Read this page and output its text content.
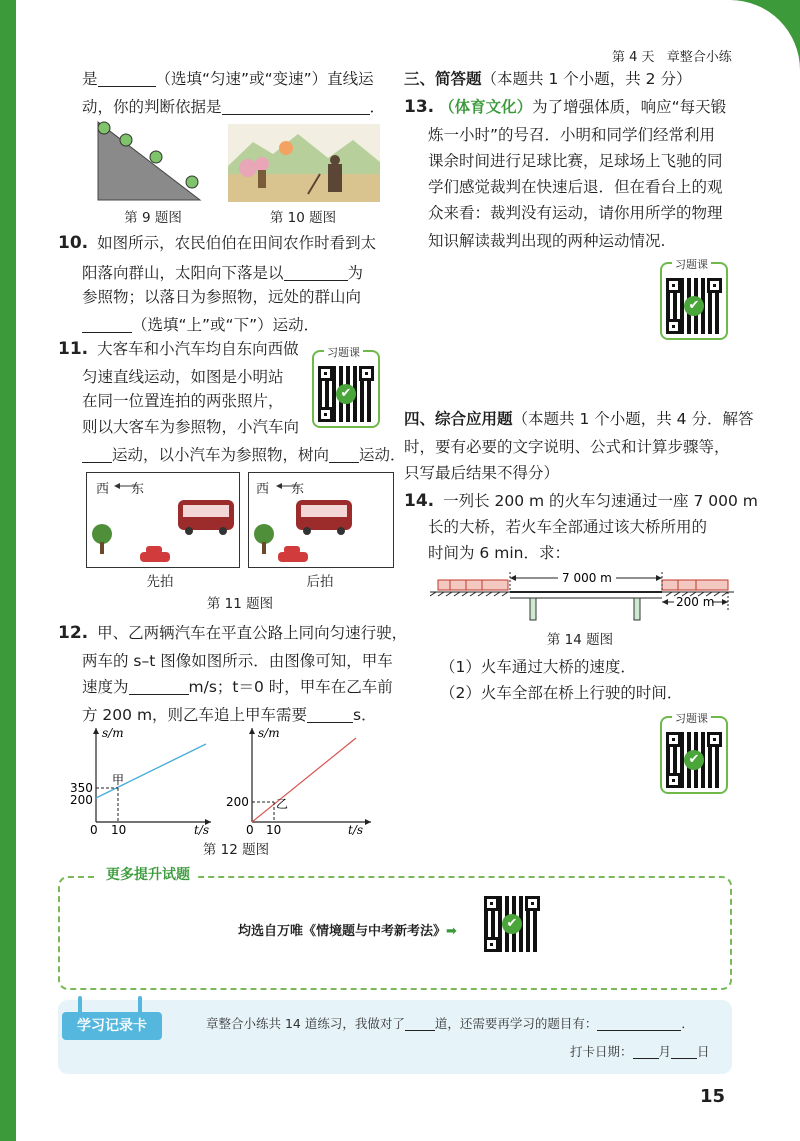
第 4 天 章整合小练
是	（选填“匀速”或“变速”）直线运
动，你的判断依据是	．
第 9 题图	第 10 题图
10. 如图所示，农民伯伯在田间农作时看到太
阳落向群山，太阳向下落是以	为
参照物；以落日为参照物，远处的群山向
（选填“上”或“下”）运动．
11. 大客车和小汽车均自东向西做
匀速直线运动，如图是小明站
在同一位置连拍的两张照片，
则以大客车为参照物，小汽车向
运动，以小汽车为参照物，树向 运动．
习题课
✔
西 东	西 东
先拍	后拍
第 11 题图
12. 甲、乙两辆汽车在平直公路上同向匀速行驶，
两车的 s–t 图像如图所示．由图像可知，甲车
速度为	m/s；t＝0 时，甲车在乙车前
方 200 m，则乙车追上甲车需要	s．
s/m
t/s
350
200
0 10
甲
s/m
t/s
200
0 10
乙
第 12 题图
三、简答题（本题共 1 个小题，共 2 分）
13. （体育文化）为了增强体质，响应“每天锻
炼一小时”的号召．小明和同学们经常利用
课余时间进行足球比赛，足球场上飞驰的同
学们感觉裁判在快速后退．但在看台上的观
众来看：裁判没有运动，请你用所学的物理
知识解读裁判出现的两种运动情况.
习题课
✔
四、综合应用题（本题共 1 个小题，共 4 分．解答
时，要有必要的文字说明、公式和计算步骤等，
只写最后结果不得分）
14. 一列长 200 m 的火车匀速通过一座 7 000 m
长的大桥，若火车全部通过该大桥所用的
时间为 6 min．求：
7 000 m
200 m
第 14 题图
（1）火车通过大桥的速度．
（2）火车全部在桥上行驶的时间．
习题课
✔
更多提升试题
均选自万唯《情境题与中考新考法》➡
✔
学习记录卡	章整合小练共 14 道练习，我做对了 道，还需要再学习的题目有：	．
打卡日期： 月 日
15
